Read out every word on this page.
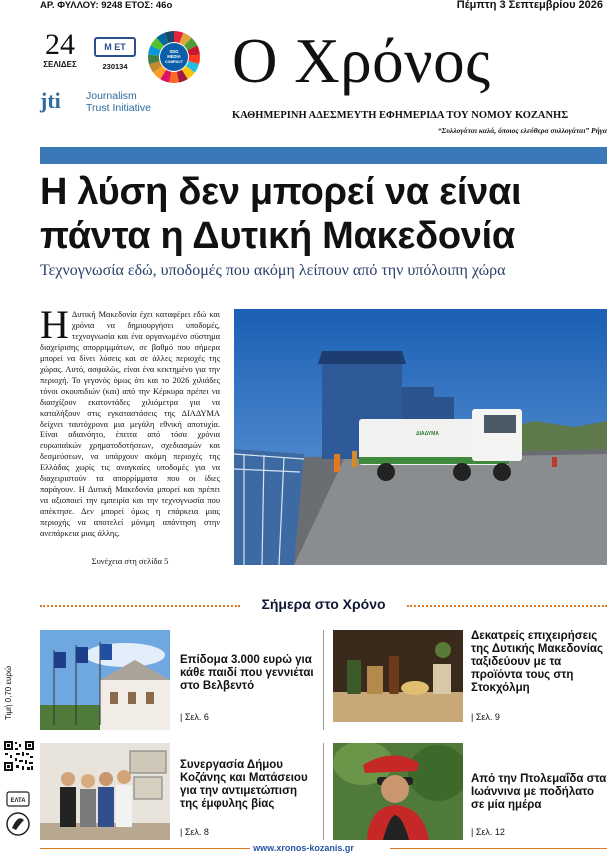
ΑΡ. ΦΥΛΛΟΥ: 9248 ΕΤΟΣ: 46ο	Πέμπτη 3 Σεπτεμβρίου 2026
24
ΣΕΛΙΔΕΣ
Μ ΕΤ
230134
SDG
MEDIA
COMPACT
jti Journalism
Trust Initiative
Ο Χρόνος
ΚΑΘΗΜΕΡΙΝΗ ΑΔΕΣΜΕΥΤΗ ΕΦΗΜΕΡΙΔΑ ΤΟΥ ΝΟΜΟΥ ΚΟΖΑΝΗΣ
“Συλλογάται καλά, όποιος ελεύθερα συλλογάται” Ρήγα
Η λύση δεν μπορεί να είναι
πάντα η Δυτική Μακεδονία
Τεχνογνωσία εδώ, υποδομές που ακόμη λείπουν από την υπόλοιπη χώρα
Η Δυτική Μακεδονία έχει καταφέρει εδώ και χρόνια να δημιουργήσει υποδομές, τεχνογνωσία και ένα οργανωμένο σύστημα διαχείρισης απορριμμάτων, σε βαθμό που σήμερα μπορεί να δίνει λύσεις και σε άλλες περιοχές της χώρας. Αυτό, ασφαλώς, είναι ένα κεκτημένο για την περιοχή. Το γεγονός όμως ότι και το 2026 χιλιάδες τόνοι σκουπιδιών (και) από την Κέρκυρα πρέπει να διασχίζουν εκατοντάδες χιλιόμετρα για να καταλήξουν στις εγκαταστάσεις της ΔΙΑΔΥΜΑ δείχνει ταυτόχρονα μια μεγάλη εθνική αποτυχία. Είναι αδιανόητο, έπειτα από τόσα χρόνια ευρωπαϊκών χρηματοδοτήσεων, σχεδιασμών και δεσμεύσεων, να υπάρχουν ακόμη περιοχές της Ελλάδας χωρίς τις αναγκαίες υποδομές για να διαχειριστούν τα απορρίμματα που οι ίδιες παράγουν. Η Δυτική Μακεδονία μπορεί και πρέπει να αξιοποιεί την εμπειρία και την τεχνογνωσία που απέκτησε. Δεν μπορεί όμως η επάρκεια μιας περιοχής να αποτελεί μόνιμη απάντηση στην ανεπάρκεια μιας άλλης.
Συνέχεια στη σελίδα 5
ΔΙΑΔΥΜΑ
Σήμερα στο Χρόνο
Τιμή 0,70 ευρώ
ΕΛΤΑ
Επίδομα 3.000 ευρώ για κάθε παιδί που γεννιέται στο Βελβεντό
| Σελ. 6
Δεκατρείς επιχειρήσεις της Δυτικής Μακεδονίας ταξιδεύουν με τα προϊόντα τους στη Στοκχόλμη
| Σελ. 9
Συνεργασία Δήμου Κοζάνης και Ματάσειου για την αντιμετώπιση της έμφυλης βίας
| Σελ. 8
Από την Πτολεμαΐδα στα Ιωάννινα με ποδήλατο σε μία ημέρα
| Σελ. 12
www.xronos-kozanis.gr
